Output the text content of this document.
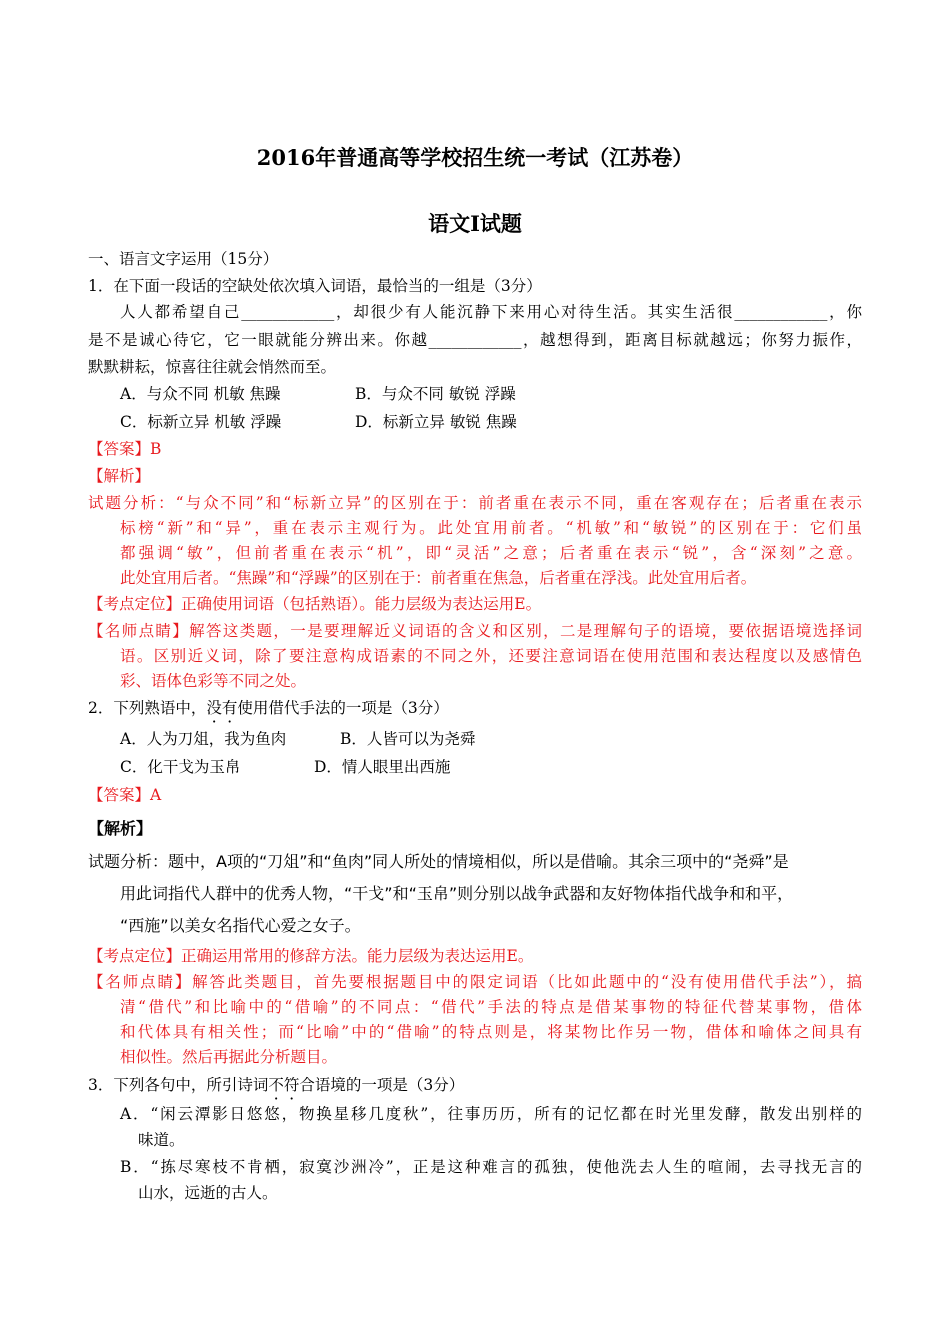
2016年普通高等学校招生统一考试（江苏卷）
语文I试题
一、语言文字运用（15分）
1．在下面一段话的空缺处依次填入词语，最恰当的一组是（3分）
人人都希望自己____________，却很少有人能沉静下来用心对待生活。其实生活很____________，你
是不是诚心待它，它一眼就能分辨出来。你越____________，越想得到，距离目标就越远；你努力振作，
默默耕耘，惊喜往往就会悄然而至。
A．与众不同 机敏 焦躁	B．与众不同 敏锐 浮躁
C．标新立异 机敏 浮躁	D．标新立异 敏锐 焦躁
【答案】B
【解析】
试题分析：“与众不同”和“标新立异”的区别在于：前者重在表示不同，重在客观存在；后者重在表示
标榜“新”和“异”，重在表示主观行为。此处宜用前者。“机敏”和“敏锐”的区别在于：它们虽
都强调“敏”，但前者重在表示“机”，即“灵活”之意；后者重在表示“锐”，含“深刻”之意。
此处宜用后者。“焦躁”和“浮躁”的区别在于：前者重在焦急，后者重在浮浅。此处宜用后者。
【考点定位】正确使用词语（包括熟语）。能力层级为表达运用E。
【名师点睛】解答这类题，一是要理解近义词语的含义和区别，二是理解句子的语境，要依据语境选择词
语。区别近义词，除了要注意构成语素的不同之外，还要注意词语在使用范围和表达程度以及感情色
彩、语体色彩等不同之处。
2．下列熟语中，没有使用借代手法的一项是（3分）
A．人为刀俎，我为鱼肉	B．人皆可以为尧舜
C．化干戈为玉帛	D．情人眼里出西施
【答案】A
【解析】
试题分析：题中，A项的“刀俎”和“鱼肉”同人所处的情境相似，所以是借喻。其余三项中的“尧舜”是
用此词指代人群中的优秀人物，“干戈”和“玉帛”则分别以战争武器和友好物体指代战争和和平，
“西施”以美女名指代心爱之女子。
【考点定位】正确运用常用的修辞方法。能力层级为表达运用E。
【名师点睛】解答此类题目，首先要根据题目中的限定词语（比如此题中的“没有使用借代手法”），搞
清“借代”和比喻中的“借喻”的不同点：“借代”手法的特点是借某事物的特征代替某事物，借体
和代体具有相关性；而“比喻”中的“借喻”的特点则是，将某物比作另一物，借体和喻体之间具有
相似性。然后再据此分析题目。
3．下列各句中，所引诗词不符合语境的一项是（3分）
A．“闲云潭影日悠悠，物换星移几度秋”，往事历历，所有的记忆都在时光里发酵，散发出别样的
味道。
B．“拣尽寒枝不肯栖，寂寞沙洲冷”，正是这种难言的孤独，使他洗去人生的喧闹，去寻找无言的
山水，远逝的古人。
